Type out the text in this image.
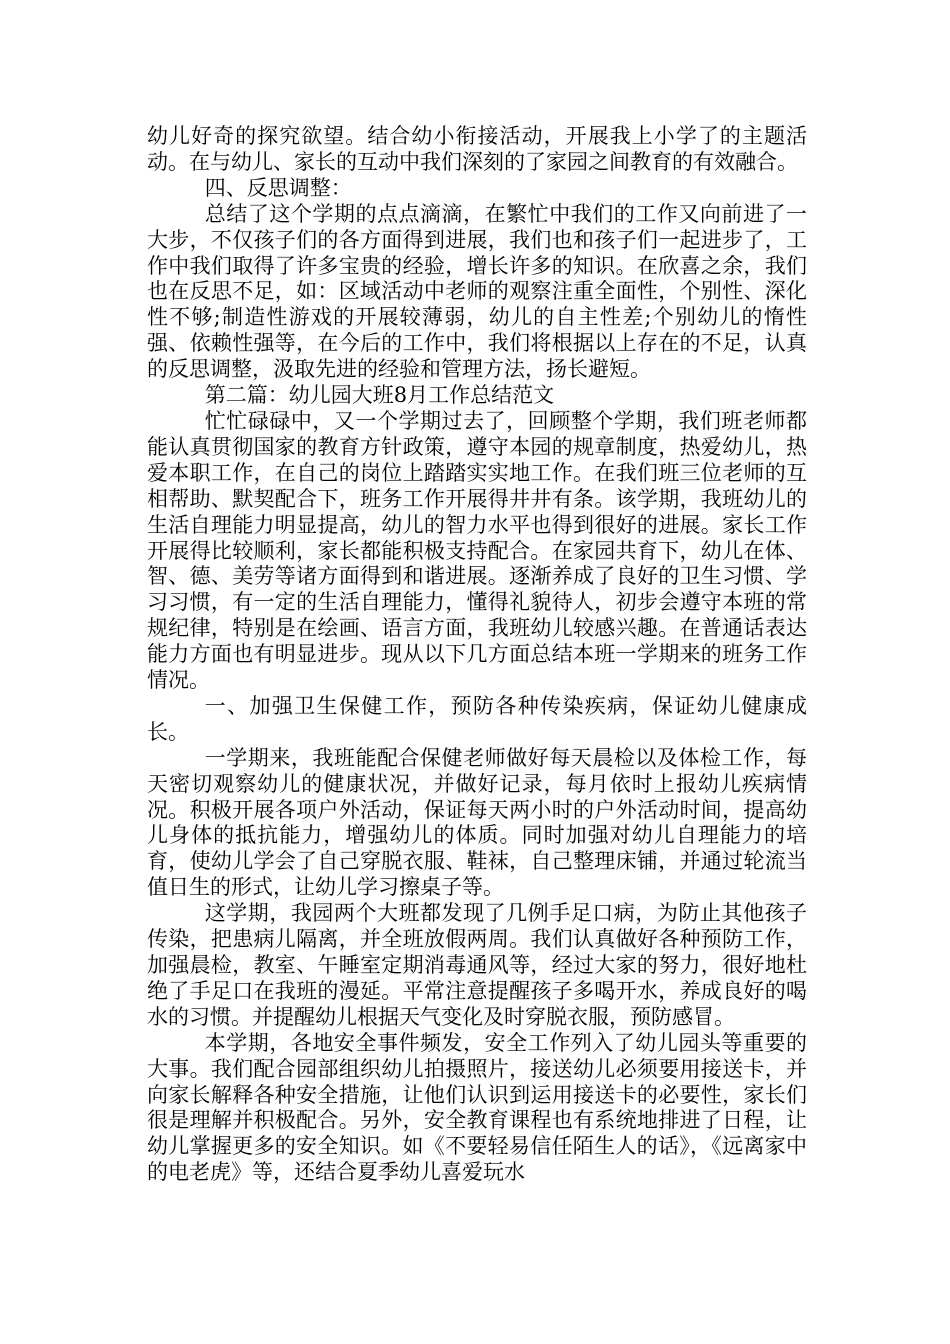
幼儿好奇的探究欲望。结合幼小衔接活动，开展我上小学了的主题活动。在与幼儿、家长的互动中我们深刻的了家园之间教育的有效融合。

四、反思调整：

总结了这个学期的点点滴滴，在繁忙中我们的工作又向前进了一大步，不仅孩子们的各方面得到进展，我们也和孩子们一起进步了，工作中我们取得了许多宝贵的经验，增长许多的知识。在欣喜之余，我们也在反思不足，如：区域活动中老师的观察注重全面性，个别性、深化性不够;制造性游戏的开展较薄弱，幼儿的自主性差;个别幼儿的惰性强、依赖性强等，在今后的工作中，我们将根据以上存在的不足，认真的反思调整，汲取先进的经验和管理方法，扬长避短。

第二篇：幼儿园大班8月工作总结范文

忙忙碌碌中，又一个学期过去了，回顾整个学期，我们班老师都能认真贯彻国家的教育方针政策，遵守本园的规章制度，热爱幼儿，热爱本职工作，在自己的岗位上踏踏实实地工作。在我们班三位老师的互相帮助、默契配合下，班务工作开展得井井有条。该学期，我班幼儿的生活自理能力明显提高，幼儿的智力水平也得到很好的进展。家长工作开展得比较顺利，家长都能积极支持配合。在家园共育下，幼儿在体、智、德、美劳等诸方面得到和谐进展。逐渐养成了良好的卫生习惯、学习习惯，有一定的生活自理能力，懂得礼貌待人，初步会遵守本班的常规纪律，特别是在绘画、语言方面，我班幼儿较感兴趣。在普通话表达能力方面也有明显进步。现从以下几方面总结本班一学期来的班务工作情况。

一、加强卫生保健工作，预防各种传染疾病，保证幼儿健康成长。

一学期来，我班能配合保健老师做好每天晨检以及体检工作，每天密切观察幼儿的健康状况，并做好记录，每月依时上报幼儿疾病情况。积极开展各项户外活动，保证每天两小时的户外活动时间，提高幼儿身体的抵抗能力，增强幼儿的体质。同时加强对幼儿自理能力的培育，使幼儿学会了自己穿脱衣服、鞋袜，自己整理床铺，并通过轮流当值日生的形式，让幼儿学习擦桌子等。

这学期，我园两个大班都发现了几例手足口病，为防止其他孩子传染，把患病儿隔离，并全班放假两周。我们认真做好各种预防工作，加强晨检，教室、午睡室定期消毒通风等，经过大家的努力，很好地杜绝了手足口在我班的漫延。平常注意提醒孩子多喝开水，养成良好的喝水的习惯。并提醒幼儿根据天气变化及时穿脱衣服，预防感冒。

本学期，各地安全事件频发，安全工作列入了幼儿园头等重要的大事。我们配合园部组织幼儿拍摄照片，接送幼儿必须要用接送卡，并向家长解释各种安全措施，让他们认识到运用接送卡的必要性，家长们很是理解并积极配合。另外，安全教育课程也有系统地排进了日程，让幼儿掌握更多的安全知识。如《不要轻易信任陌生人的话》，《远离家中的电老虎》等，还结合夏季幼儿喜爱玩水
